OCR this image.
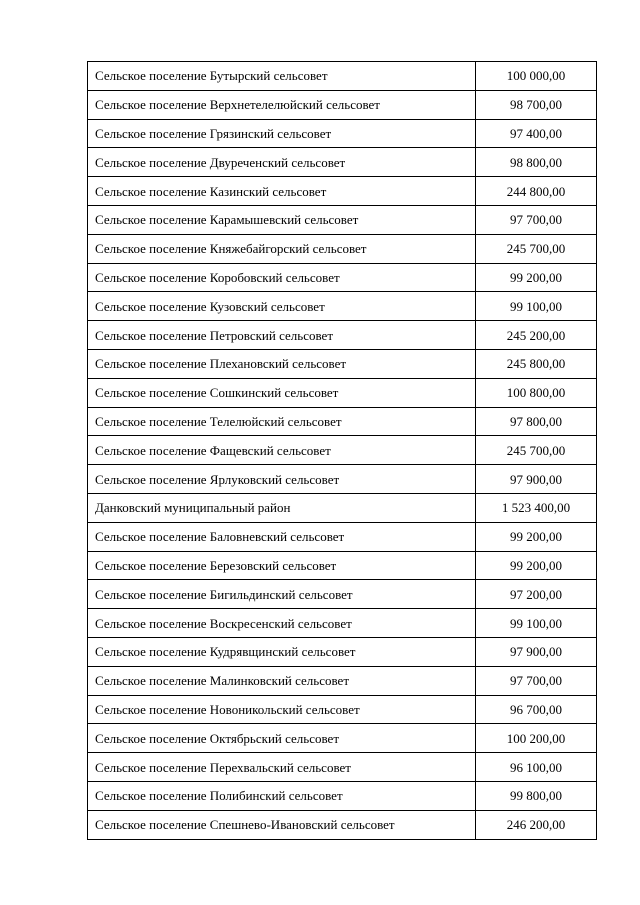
Сельское поселение Бутырский сельсовет	100 000,00
Сельское поселение Верхнетелелюйский сельсовет	98 700,00
Сельское поселение Грязинский сельсовет	97 400,00
Сельское поселение Двуреченский сельсовет	98 800,00
Сельское поселение Казинский сельсовет	244 800,00
Сельское поселение Карамышевский сельсовет	97 700,00
Сельское поселение Княжебайгорский сельсовет	245 700,00
Сельское поселение Коробовский сельсовет	99 200,00
Сельское поселение Кузовский сельсовет	99 100,00
Сельское поселение Петровский сельсовет	245 200,00
Сельское поселение Плехановский сельсовет	245 800,00
Сельское поселение Сошкинский сельсовет	100 800,00
Сельское поселение Телелюйский сельсовет	97 800,00
Сельское поселение Фащевский сельсовет	245 700,00
Сельское поселение Ярлуковский сельсовет	97 900,00
Данковский муниципальный район	1 523 400,00
Сельское поселение Баловневский сельсовет	99 200,00
Сельское поселение Березовский сельсовет	99 200,00
Сельское поселение Бигильдинский сельсовет	97 200,00
Сельское поселение Воскресенский сельсовет	99 100,00
Сельское поселение Кудрявщинский сельсовет	97 900,00
Сельское поселение Малинковский сельсовет	97 700,00
Сельское поселение Новоникольский сельсовет	96 700,00
Сельское поселение Октябрьский сельсовет	100 200,00
Сельское поселение Перехвальский сельсовет	96 100,00
Сельское поселение Полибинский сельсовет	99 800,00
Сельское поселение Спешнево-Ивановский сельсовет	246 200,00
